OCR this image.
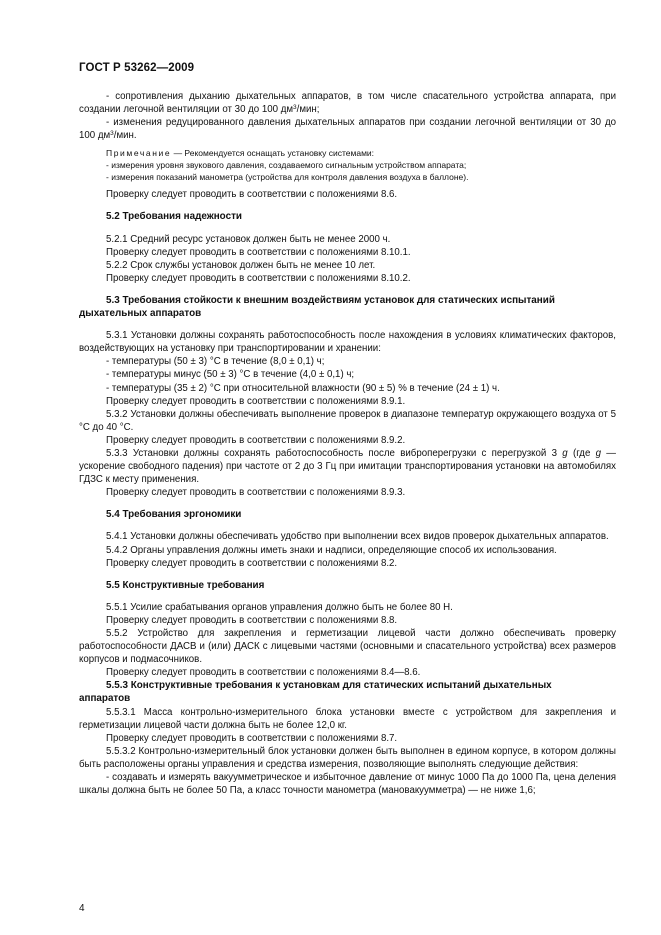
ГОСТ Р 53262—2009

- сопротивления дыханию дыхательных аппаратов, в том числе спасательного устройства аппарата, при создании легочной вентиляции от 30 до 100 $дм^3$/мин;

- изменения редуцированного давления дыхательных аппаратов при создании легочной вентиляции от 30 до 100 $дм^3$/мин.

Примечание — Рекомендуется оснащать установку системами:

- измерения уровня звукового давления, создаваемого сигнальным устройством аппарата;

- измерения показаний манометра (устройства для контроля давления воздуха в баллоне).

Проверку следует проводить в соответствии с положениями 8.6.

5.2 Требования надежности

5.2.1 Средний ресурс установок должен быть не менее 2000 ч.

Проверку следует проводить в соответствии с положениями 8.10.1.

5.2.2 Срок службы установок должен быть не менее 10 лет.

Проверку следует проводить в соответствии с положениями 8.10.2.

5.3 Требования стойкости к внешним воздействиям установок для статических испытаний

дыхательных аппаратов

5.3.1 Установки должны сохранять работоспособность после нахождения в условиях климатических факторов, воздействующих на установку при транспортировании и хранении:

- температуры (50 ± 3) °С в течение (8,0 ± 0,1) ч;

- температуры минус (50 ± 3) °С в течение (4,0 ± 0,1) ч;

- температуры (35 ± 2) °С при относительной влажности (90 ± 5) % в течение (24 ± 1) ч.

Проверку следует проводить в соответствии с положениями 8.9.1.

5.3.2 Установки должны обеспечивать выполнение проверок в диапазоне температур окружающего воздуха от 5 °С до 40 °С.

Проверку следует проводить в соответствии с положениями 8.9.2.

5.3.3 Установки должны сохранять работоспособность после виброперегрузки с перегрузкой 3 g (где g — ускорение свободного падения) при частоте от 2 до 3 Гц при имитации транспортирования установки на автомобилях ГДЗС к месту применения.

Проверку следует проводить в соответствии с положениями 8.9.3.

5.4 Требования эргономики

5.4.1 Установки должны обеспечивать удобство при выполнении всех видов проверок дыхательных аппаратов.

5.4.2 Органы управления должны иметь знаки и надписи, определяющие способ их использования.

Проверку следует проводить в соответствии с положениями 8.2.

5.5 Конструктивные требования

5.5.1 Усилие срабатывания органов управления должно быть не более 80 Н.

Проверку следует проводить в соответствии с положениями 8.8.

5.5.2 Устройство для закрепления и герметизации лицевой части должно обеспечивать проверку работоспособности ДАСВ и (или) ДАСК с лицевыми частями (основными и спасательного устройства) всех размеров корпусов и подмасочников.

Проверку следует проводить в соответствии с положениями 8.4—8.6.

5.5.3 Конструктивные требования к установкам для статических испытаний дыхательных

аппаратов

5.5.3.1 Масса контрольно-измерительного блока установки вместе с устройством для закрепления и герметизации лицевой части должна быть не более 12,0 кг.

Проверку следует проводить в соответствии с положениями 8.7.

5.5.3.2 Контрольно-измерительный блок установки должен быть выполнен в едином корпусе, в котором должны быть расположены органы управления и средства измерения, позволяющие выполнять следующие действия:

- создавать и измерять вакуумметрическое и избыточное давление от минус 1000 Па до 1000 Па, цена деления шкалы должна быть не более 50 Па, а класс точности манометра (мановакуумметра) — не ниже 1,6;

4
